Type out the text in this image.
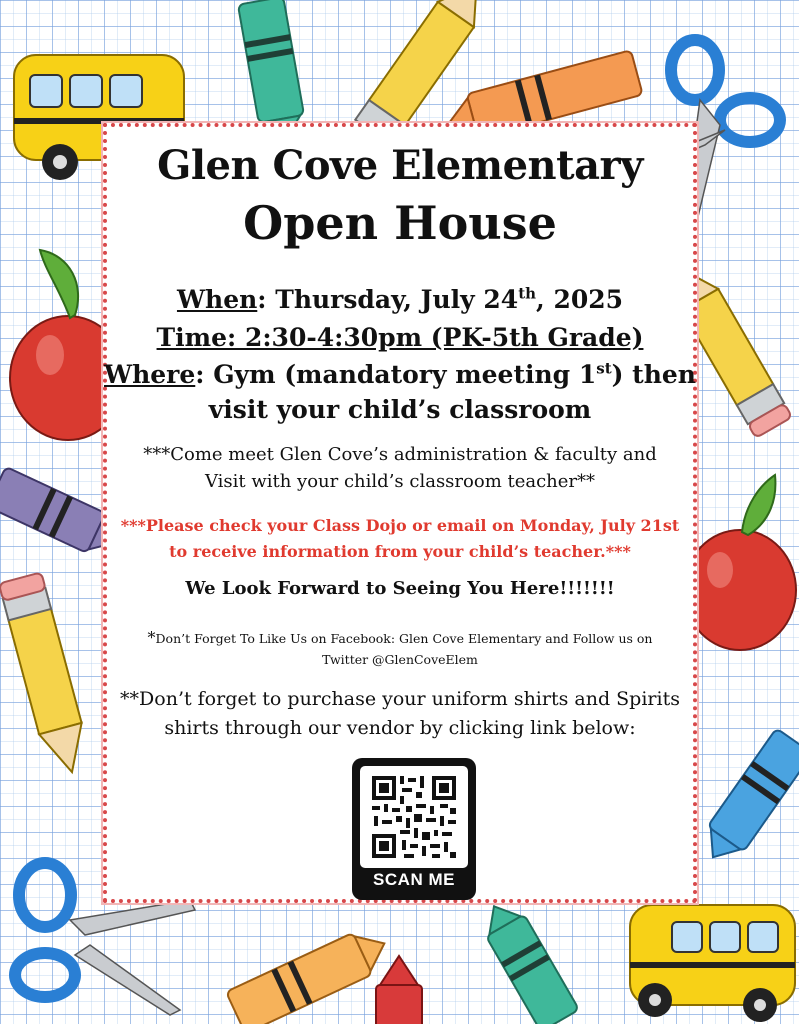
Glen Cove Elementary
Open House
When: Thursday, July 24th, 2025
Time: 2:30-4:30pm (PK-5th Grade)
Where: Gym (mandatory meeting 1st) then
visit your child’s classroom
***Come meet Glen Cove’s administration & faculty and
Visit with your child’s classroom teacher**
***Please check your Class Dojo or email on Monday, July 21st
to receive information from your child’s teacher.***
We Look Forward to Seeing You Here!!!!!!!
*Don’t Forget To Like Us on Facebook: Glen Cove Elementary and Follow us on
Twitter @GlenCoveElem
**Don’t forget to purchase your uniform shirts and Spirits
shirts through our vendor by clicking link below:
SCAN ME
